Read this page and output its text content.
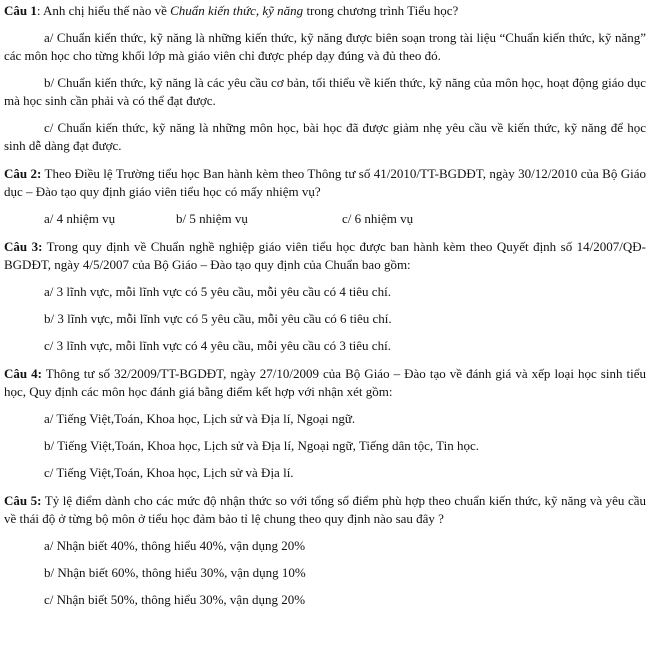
Câu 1: Anh chị hiểu thế nào về Chuẩn kiến thức, kỹ năng trong chương trình Tiểu học?

a/ Chuẩn kiến thức, kỹ năng là những kiến thức, kỹ năng được biên soạn trong tài liệu “Chuẩn kiến thức, kỹ năng” các môn học cho từng khối lớp mà giáo viên chỉ được phép dạy đúng và đủ theo đó.

b/ Chuẩn kiến thức, kỹ năng là các yêu cầu cơ bản, tối thiểu về kiến thức, kỹ năng của môn học, hoạt động giáo dục mà học sinh cần phải và có thể đạt được.

c/ Chuẩn kiến thức, kỹ năng là những môn học, bài học đã được giảm nhẹ yêu cầu về kiến thức, kỹ năng để học sinh dễ dàng đạt được.

Câu 2: Theo Điều lệ Trường tiểu học Ban hành kèm theo Thông tư số 41/2010/TT-BGDĐT, ngày 30/12/2010 của Bộ Giáo dục – Đào tạo quy định giáo viên tiểu học có mấy nhiệm vụ?

a/ 4 nhiệm vụ	b/ 5 nhiệm vụ	c/ 6 nhiệm vụ

Câu 3: Trong quy định về Chuẩn nghề nghiệp giáo viên tiểu học được ban hành kèm theo Quyết định số 14/2007/QĐ-BGDĐT, ngày 4/5/2007 của Bộ Giáo – Đào tạo quy định của Chuẩn bao gồm:

a/ 3 lĩnh vực, mỗi lĩnh vực có 5 yêu cầu, mỗi yêu cầu có 4 tiêu chí.

b/ 3 lĩnh vực, mỗi lĩnh vực có 5 yêu cầu, mỗi yêu cầu có 6 tiêu chí.

c/ 3 lĩnh vực, mỗi lĩnh vực có 4 yêu cầu, mỗi yêu cầu có 3 tiêu chí.

Câu 4: Thông tư số 32/2009/TT-BGDĐT, ngày 27/10/2009 của Bộ Giáo – Đào tạo về đánh giá và xếp loại học sinh tiểu học, Quy định các môn học đánh giá bằng điểm kết hợp với nhận xét gồm:

a/ Tiếng Việt,Toán, Khoa học, Lịch sử và Địa lí, Ngoại ngữ.

b/ Tiếng Việt,Toán, Khoa học, Lịch sử và Địa lí, Ngoại ngữ, Tiếng dân tộc, Tin học.

c/ Tiếng Việt,Toán, Khoa học, Lịch sử và Địa lí.

Câu 5: Tỷ lệ điểm dành cho các mức độ nhận thức so với tổng số điểm phù hợp theo chuẩn kiến thức, kỹ năng và yêu cầu về thái độ ở từng bộ môn ở tiểu học đảm bảo tỉ lệ chung theo quy định nào sau đây ?

a/ Nhận biết 40%, thông hiểu 40%, vận dụng 20%

b/ Nhận biết 60%, thông hiểu 30%, vận dụng 10%

c/ Nhận biết 50%, thông hiểu 30%, vận dụng 20%
